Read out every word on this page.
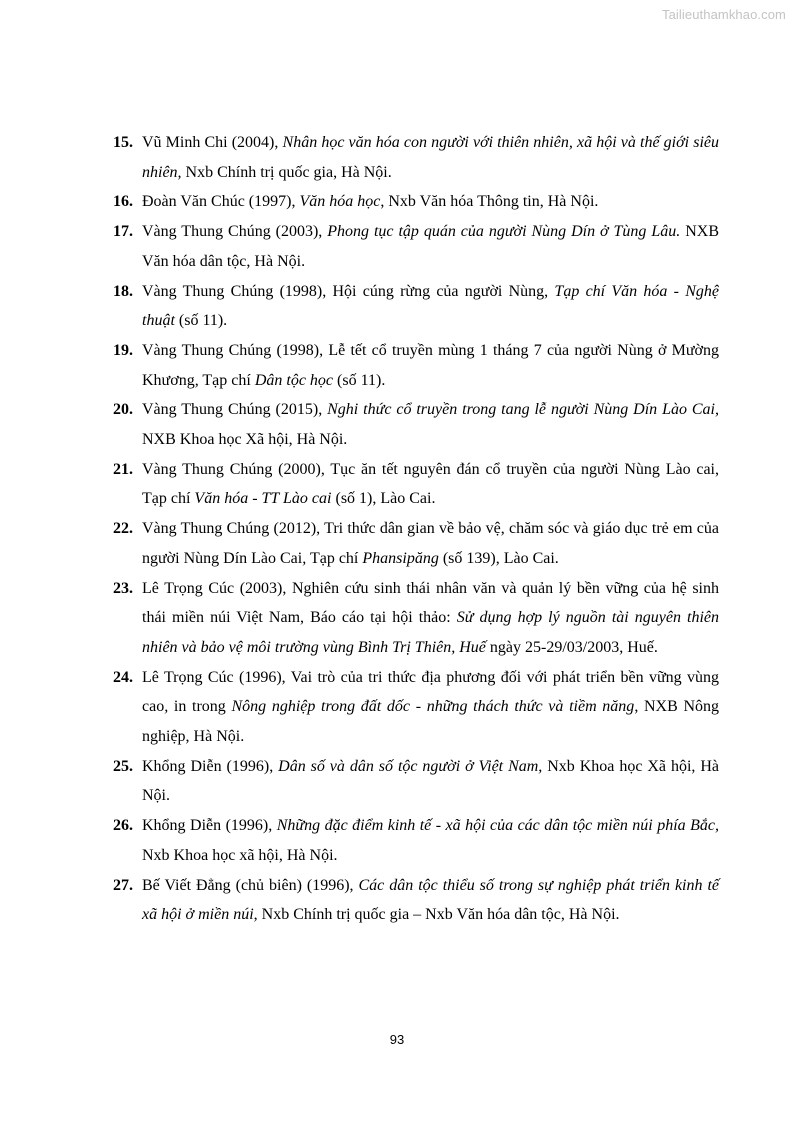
Tailieuthamkhao.com
15. Vũ Minh Chi (2004), Nhân học văn hóa con người với thiên nhiên, xã hội và thế giới siêu nhiên, Nxb Chính trị quốc gia, Hà Nội.
16. Đoàn Văn Chúc (1997), Văn hóa học, Nxb Văn hóa Thông tin, Hà Nội.
17. Vàng Thung Chúng (2003), Phong tục tập quán của người Nùng Dín ở Tùng Lâu. NXB Văn hóa dân tộc, Hà Nội.
18. Vàng Thung Chúng (1998), Hội cúng rừng của người Nùng, Tạp chí Văn hóa - Nghệ thuật (số 11).
19. Vàng Thung Chúng (1998), Lễ tết cổ truyền mùng 1 tháng 7 của người Nùng ở Mường Khương, Tạp chí Dân tộc học (số 11).
20. Vàng Thung Chúng (2015), Nghi thức cổ truyền trong tang lễ người Nùng Dín Lào Cai, NXB Khoa học Xã hội, Hà Nội.
21. Vàng Thung Chúng (2000), Tục ăn tết nguyên đán cổ truyền của người Nùng Lào cai, Tạp chí Văn hóa - TT Lào cai (số 1), Lào Cai.
22. Vàng Thung Chúng (2012), Tri thức dân gian về bảo vệ, chăm sóc và giáo dục trẻ em của người Nùng Dín Lào Cai, Tạp chí Phansipăng (số 139), Lào Cai.
23. Lê Trọng Cúc (2003), Nghiên cứu sinh thái nhân văn và quản lý bền vững của hệ sinh thái miền núi Việt Nam, Báo cáo tại hội thảo: Sử dụng hợp lý nguồn tài nguyên thiên nhiên và bảo vệ môi trường vùng Bình Trị Thiên, Huế ngày 25-29/03/2003, Huế.
24. Lê Trọng Cúc (1996), Vai trò của tri thức địa phương đối với phát triển bền vững vùng cao, in trong Nông nghiệp trong đất dốc - những thách thức và tiềm năng, NXB Nông nghiệp, Hà Nội.
25. Khổng Diễn (1996), Dân số và dân số tộc người ở Việt Nam, Nxb Khoa học Xã hội, Hà Nội.
26. Khổng Diễn (1996), Những đặc điểm kinh tế - xã hội của các dân tộc miền núi phía Bắc, Nxb Khoa học xã hội, Hà Nội.
27. Bế Viết Đẳng (chủ biên) (1996), Các dân tộc thiểu số trong sự nghiệp phát triển kinh tế xã hội ở miền núi, Nxb Chính trị quốc gia – Nxb Văn hóa dân tộc, Hà Nội.
93
